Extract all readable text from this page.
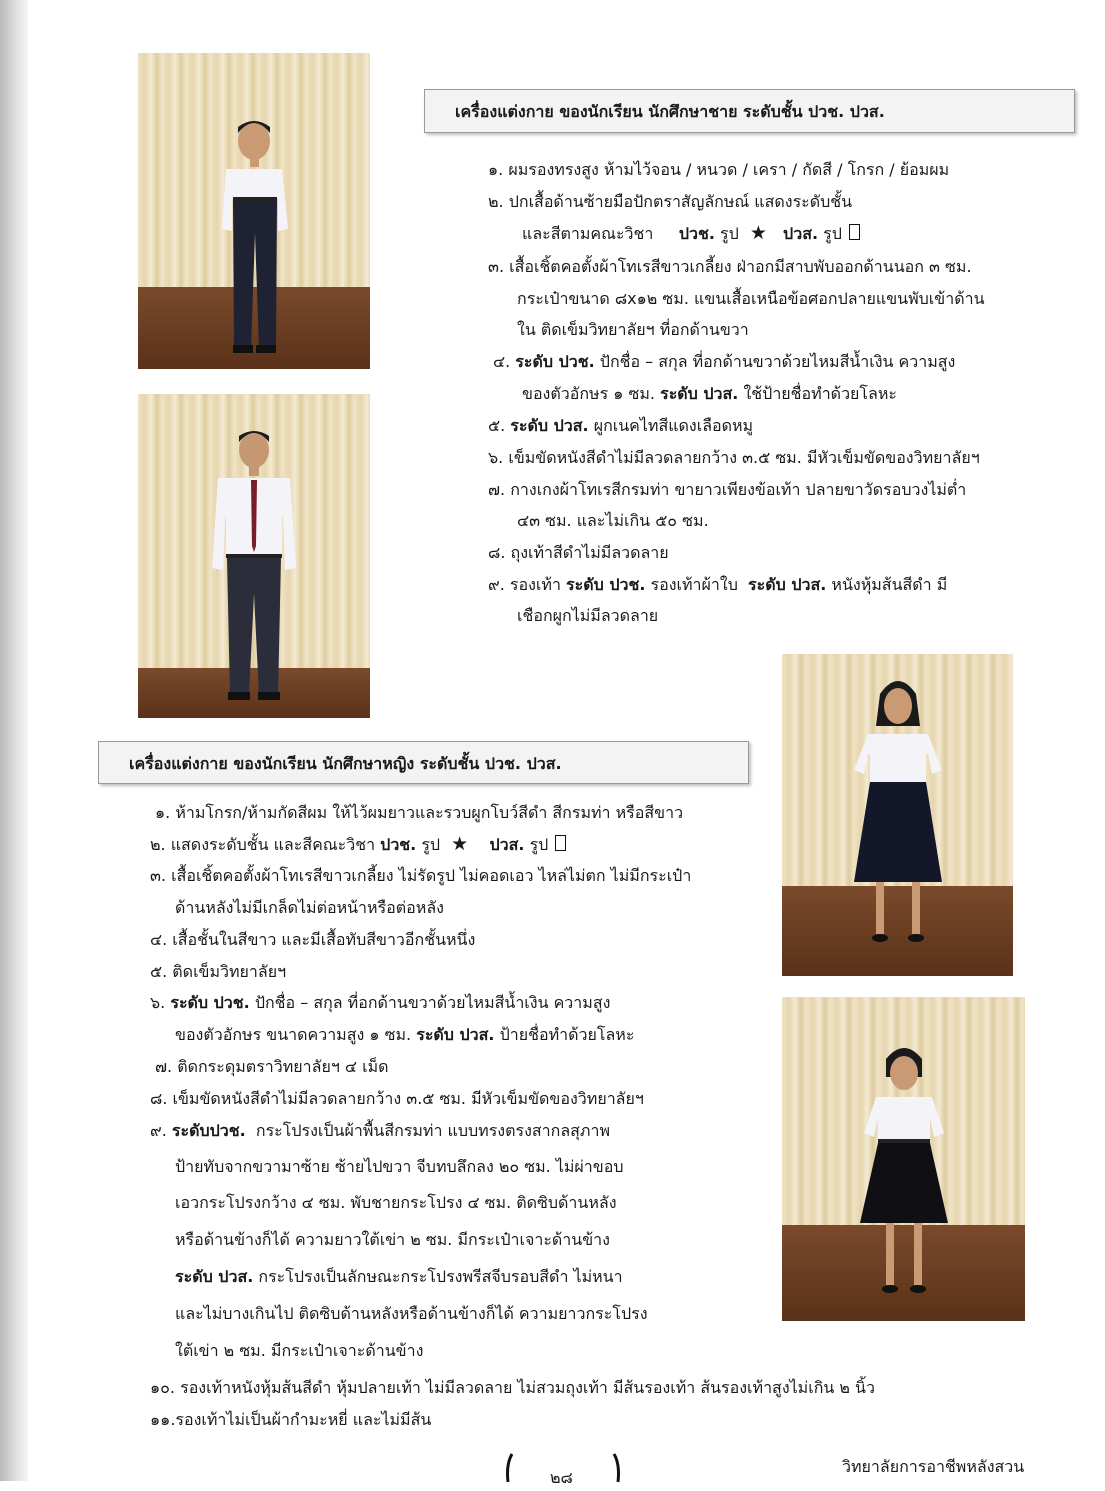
เครื่องแต่งกาย ของนักเรียน นักศึกษาชาย ระดับชั้น ปวช. ปวส.
๑. ผมรองทรงสูง ห้ามไว้จอน / หนวด / เครา / กัดสี / โกรก / ย้อมผม
๒. ปกเสื้อด้านซ้ายมือปักตราสัญลักษณ์ แสดงระดับชั้น
และสีตามคณะวิชา ปวช. รูป ★ ปวส. รูป
๓. เสื้อเชิ้ตคอตั้งผ้าโทเรสีขาวเกลี้ยง ฝ่าอกมีสาบพับออกด้านนอก ๓ ซม.
กระเป๋าขนาด ๘x๑๒ ซม. แขนเสื้อเหนือข้อศอกปลายแขนพับเข้าด้าน
ใน ติดเข็มวิทยาลัยฯ ที่อกด้านขวา
๔. ระดับ ปวช. ปักชื่อ – สกุล ที่อกด้านขวาด้วยไหมสีน้ำเงิน ความสูง
ของตัวอักษร ๑ ซม. ระดับ ปวส. ใช้ป้ายชื่อทำด้วยโลหะ
๕. ระดับ ปวส. ผูกเนคไทสีแดงเลือดหมู
๖. เข็มขัดหนังสีดำไม่มีลวดลายกว้าง ๓.๕ ซม. มีหัวเข็มขัดของวิทยาลัยฯ
๗. กางเกงผ้าโทเรสีกรมท่า ขายาวเพียงข้อเท้า ปลายขาวัดรอบวงไม่ต่ำ
๔๓ ซม. และไม่เกิน ๕๐ ซม.
๘. ถุงเท้าสีดำไม่มีลวดลาย
๙. รองเท้า ระดับ ปวช. รองเท้าผ้าใบ ระดับ ปวส. หนังหุ้มส้นสีดำ มี
เชือกผูกไม่มีลวดลาย
เครื่องแต่งกาย ของนักเรียน นักศึกษาหญิง ระดับชั้น ปวช. ปวส.
๑. ห้ามโกรก/ห้ามกัดสีผม ให้ไว้ผมยาวและรวบผูกโบว์สีดำ สีกรมท่า หรือสีขาว
๒. แสดงระดับชั้น และสีคณะวิชา ปวช. รูป ★ ปวส. รูป
๓. เสื้อเชิ้ตคอตั้งผ้าโทเรสีขาวเกลี้ยง ไม่รัดรูป ไม่คอดเอว ไหล่ไม่ตก ไม่มีกระเป๋า
ด้านหลังไม่มีเกล็ดไม่ต่อหน้าหรือต่อหลัง
๔. เสื้อชั้นในสีขาว และมีเสื้อทับสีขาวอีกชั้นหนึ่ง
๕. ติดเข็มวิทยาลัยฯ
๖. ระดับ ปวช. ปักชื่อ – สกุล ที่อกด้านขวาด้วยไหมสีน้ำเงิน ความสูง
ของตัวอักษร ขนาดความสูง ๑ ซม. ระดับ ปวส. ป้ายชื่อทำด้วยโลหะ
๗. ติดกระดุมตราวิทยาลัยฯ ๔ เม็ด
๘. เข็มขัดหนังสีดำไม่มีลวดลายกว้าง ๓.๕ ซม. มีหัวเข็มขัดของวิทยาลัยฯ
๙. ระดับปวช. กระโปรงเป็นผ้าพื้นสีกรมท่า แบบทรงตรงสากลสุภาพ
ป้ายทับจากขวามาซ้าย ซ้ายไปขวา จีบทบลึกลง ๒๐ ซม. ไม่ผ่าขอบ
เอวกระโปรงกว้าง ๔ ซม. พับชายกระโปรง ๔ ซม. ติดซิบด้านหลัง
หรือด้านข้างก็ได้ ความยาวใต้เข่า ๒ ซม. มีกระเป๋าเจาะด้านข้าง
ระดับ ปวส. กระโปรงเป็นลักษณะกระโปรงพรีสจีบรอบสีดำ ไม่หนา
และไม่บางเกินไป ติดซิบด้านหลังหรือด้านข้างก็ได้ ความยาวกระโปรง
ใต้เข่า ๒ ซม. มีกระเป๋าเจาะด้านข้าง
๑๐. รองเท้าหนังหุ้มส้นสีดำ หุ้มปลายเท้า ไม่มีลวดลาย ไม่สวมถุงเท้า มีส้นรองเท้า ส้นรองเท้าสูงไม่เกิน ๒ นิ้ว
๑๑.รองเท้าไม่เป็นผ้ากำมะหยี่ และไม่มีส้น
๒๘
วิทยาลัยการอาชีพหลังสวน
